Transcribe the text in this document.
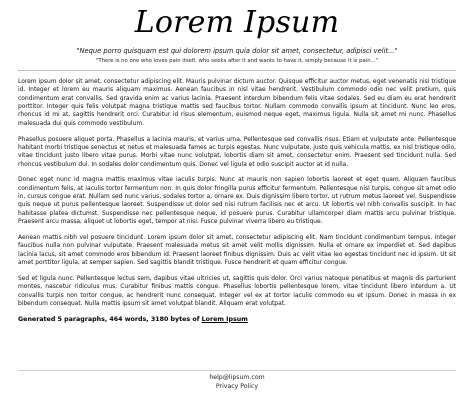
Lorem Ipsum
"Neque porro quisquam est qui dolorem ipsum quia dolor sit amet, consectetur, adipisci velit..."
"There is no one who loves pain itself, who seeks after it and wants to have it, simply because it is pain..."

Lorem ipsum dolor sit amet, consectetur adipiscing elit. Mauris pulvinar dictum auctor. Quisque efficitur auctor metus, eget venenatis nisi tristique id. Integer et lorem eu mauris aliquam maximus. Aenean faucibus in nisl vitae hendrerit. Vestibulum commodo odio nec velit pretium, quis condimentum erat convallis. Sed gravida enim ac varius lacinia. Praesent interdum bibendum felis vitae sodales. Sed eu diam eu erat hendrerit porttitor. Integer quis felis volutpat magna tristique mattis sed faucibus tortor. Nullam commodo convallis ipsum at tincidunt. Nunc leo eros, rhoncus id mi at, sagittis hendrerit orci. Curabitur id risus elementum, euismod neque eget, maximus ligula. Nulla sit amet mi nunc. Phasellus malesuada dui quis commodo vestibulum.

Phasellus posuere aliquet porta. Phasellus a lacinia mauris, et varius urna. Pellentesque sed convallis risus. Etiam et vulputate ante. Pellentesque habitant morbi tristique senectus et netus et malesuada fames ac turpis egestas. Nunc vulputate, justo quis vehicula mattis, ex nisl tristique odio, vitae tincidunt justo libero vitae purus. Morbi vitae nunc volutpat, lobortis diam sit amet, consectetur enim. Praesent sed tincidunt nulla. Sed rhoncus vestibulum dui. In sodales dolor condimentum quis. Donec vel ligula et odio suscipit auctor at id nulla.

Donec eget nunc id magna mattis maximus vitae iaculis turpis. Nunc at mauris non sapien lobortis laoreet et eget quam. Aliquam faucibus condimentum felis, at iaculis tortor fermentum non. In quis dolor fringilla purus efficitur fermentum. Pellentesque nisl turpis, congue sit amet odio in, cursus congue erat. Nullam sed nunc varius, sodales tortor a, ornare ex. Duis dignissim libero tortor, ut rutrum metus laoreet vel. Suspendisse quis neque ut purus pellentesque laoreet. Suspendisse ut dolor sed nisi rutrum facilisis nec et arcu. Ut lobortis vel nibh convallis suscipit. In hac habitasse platea dictumst. Suspendisse nec pellentesque neque, id posuere purus. Curabitur ullamcorper diam mattis arcu pulvinar tristique. Praesent arcu massa, aliquet ut lobortis eget, tempor at nisi. Fusce pulvinar viverra libero eu tristique.

Aenean mattis nibh vel posuere tincidunt. Lorem ipsum dolor sit amet, consectetur adipiscing elit. Nam tincidunt condimentum tempus. Integer faucibus nulla non pulvinar vulputate. Praesent malesuada metus sit amet velit mollis dignissim. Nulla et ornare ex imperdiet et. Sed dapibus lacinia lacus, sit amet commodo eros bibendum id. Praesent laoreet finibus dignissim. Duis ac velit vitae leo egestas tincidunt nec id ipsum. Ut sit amet porttitor ligula, at semper sapien. Sed sagittis blandit tristique. Fusce hendrerit et quam efficitur congue.

Sed et ligula nunc. Pellentesque lectus sem, dapibus vitae ultricies ut, sagittis quis dolor. Orci varius natoque penatibus et magnis dis parturient montes, nascetur ridiculus mus. Curabitur finibus mattis congue. Phasellus lobortis pellentesque lorem, vitae tincidunt libero interdum a. Ut convallis turpis non tortor congue, ac hendrerit nunc consequat. Integer vel ex at tortor iaculis commodo eu et ipsum. Donec in massa in ex bibendum consequat. Nulla mattis ipsum sit amet volutpat blandit. Aliquam erat volutpat.

Generated 5 paragraphs, 464 words, 3180 bytes of Lorem Ipsum

help@lipsum.com
Privacy Policy
